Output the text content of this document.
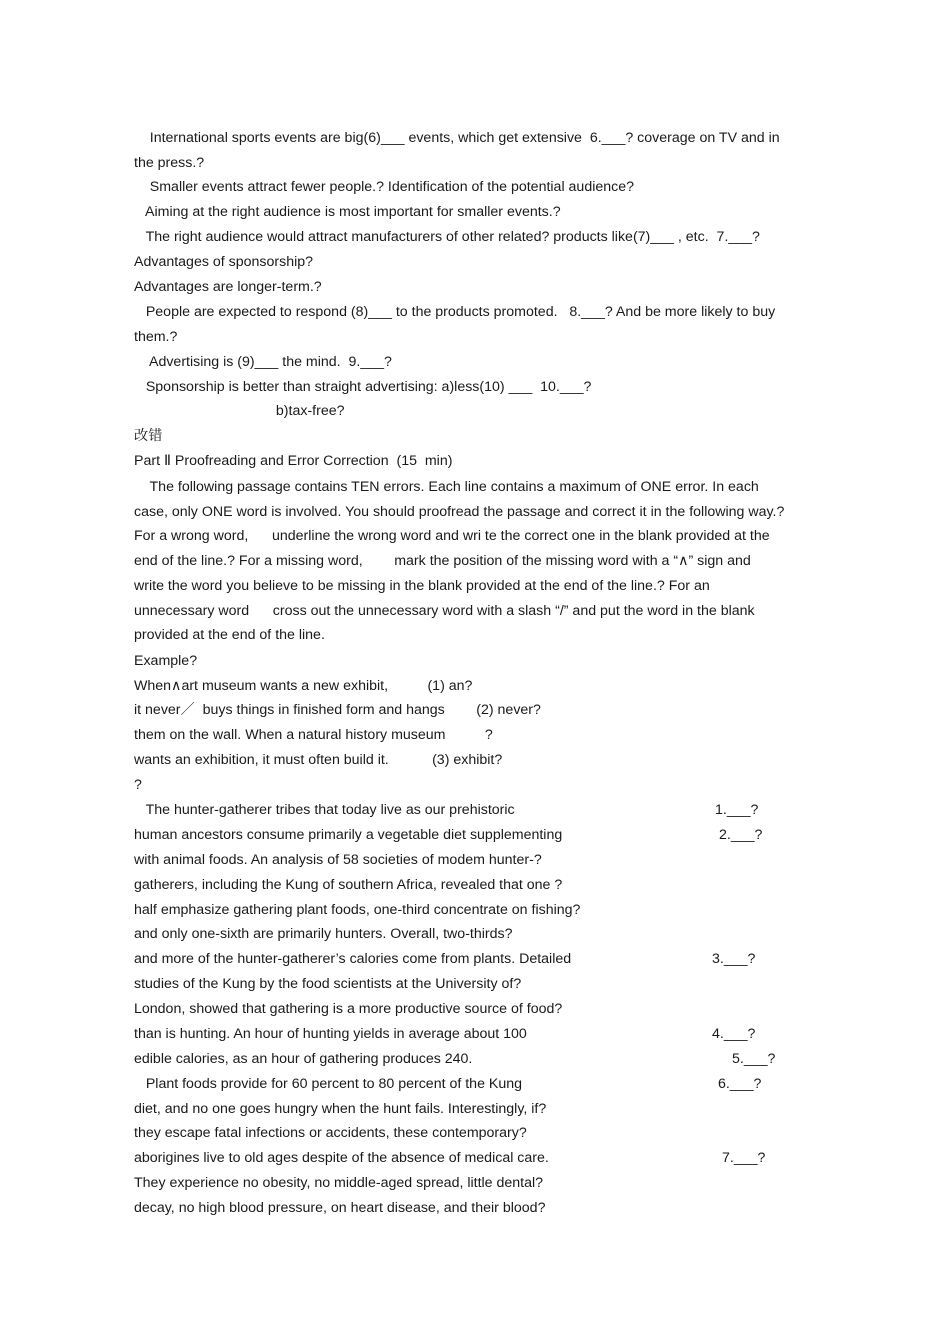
International sports events are big(6)___ events, which get extensive  6.___? coverage on TV and in
the press.?
Smaller events attract fewer people.? Identification of the potential audience?
Aiming at the right audience is most important for smaller events.?
The right audience would attract manufacturers of other related? products like(7)___ , etc.  7.___?
Advantages of sponsorship?
Advantages are longer-term.?
People are expected to respond (8)___ to the products promoted.   8.___? And be more likely to buy
them.?
Advertising is (9)___ the mind.  9.___?
Sponsorship is better than straight advertising: a)less(10) ___  10.___?
b)tax-free?
改错
Part Ⅱ Proofreading and Error Correction  (15  min)
The following passage contains TEN errors. Each line contains a maximum of ONE error. In each
case, only ONE word is involved. You should proofread the passage and correct it in the following way.?
For a wrong word,      underline the wrong word and wri te the correct one in the blank provided at the
end of the line.? For a missing word,        mark the position of the missing word with a “∧” sign and
write the word you believe to be missing in the blank provided at the end of the line.? For an
unnecessary word      cross out the unnecessary word with a slash “/” and put the word in the blank
provided at the end of the line.
Example?
When∧art museum wants a new exhibit,          (1) an?
it never／  buys things in finished form and hangs        (2) never?
them on the wall. When a natural history museum          ?
wants an exhibition, it must often build it.           (3) exhibit?
?
The hunter-gatherer tribes that today live as our prehistoric
human ancestors consume primarily a vegetable diet supplementing
with animal foods. An analysis of 58 societies of modem hunter-?
gatherers, including the Kung of southern Africa, revealed that one ?
half emphasize gathering plant foods, one-third concentrate on fishing?
and only one-sixth are primarily hunters. Overall, two-thirds?
and more of the hunter-gatherer’s calories come from plants. Detailed
studies of the Kung by the food scientists at the University of?
London, showed that gathering is a more productive source of food?
than is hunting. An hour of hunting yields in average about 100
edible calories, as an hour of gathering produces 240.
Plant foods provide for 60 percent to 80 percent of the Kung
diet, and no one goes hungry when the hunt fails. Interestingly, if?
they escape fatal infections or accidents, these contemporary?
aborigines live to old ages despite of the absence of medical care.
They experience no obesity, no middle-aged spread, little dental?
decay, no high blood pressure, on heart disease, and their blood?
1.___?
2.___?
3.___?
4.___?
5.___?
6.___?
7.___?
